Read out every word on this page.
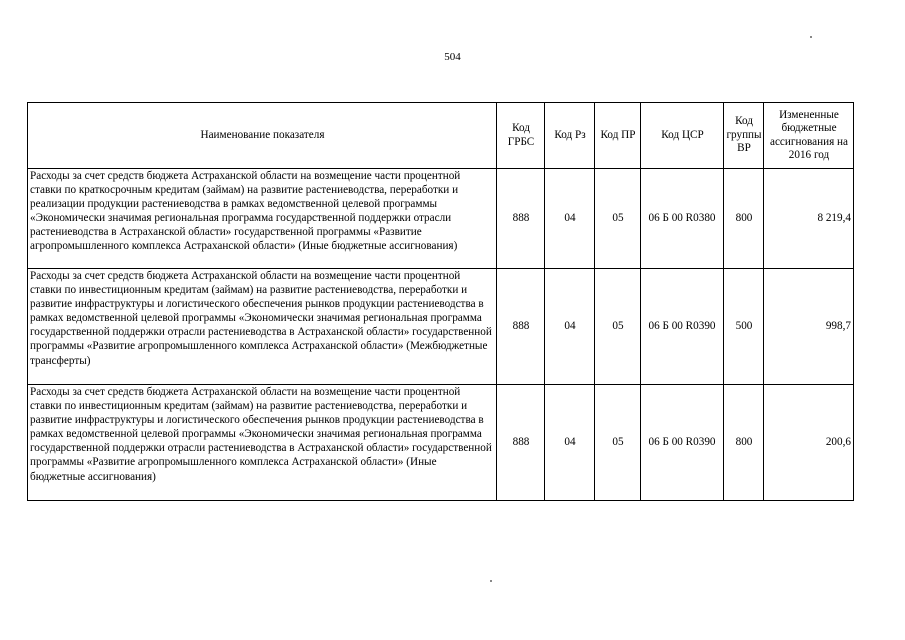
504
Наименование показателя	Код ГРБС	Код Рз	Код ПР	Код ЦСР	Код группы ВР	Измененные бюджетные ассигнования на 2016 год
Расходы за счет средств бюджета Астраханской области на возмещение части процентной ставки по краткосрочным кредитам (займам) на развитие растениеводства, переработки и реализации продукции растениеводства в рамках ведомственной целевой программы «Экономически значимая региональная программа государственной поддержки отрасли растениеводства в Астраханской области» государственной программы «Развитие агропромышленного комплекса Астраханской области» (Иные бюджетные ассигнования)	888	04	05	06 Б 00 R0380	800	8 219,4
Расходы за счет средств бюджета Астраханской области на возмещение части процентной ставки по инвестиционным кредитам (займам) на развитие растениеводства, переработки и развитие инфраструктуры и логистического обеспечения рынков продукции растениеводства в рамках ведомственной целевой программы «Экономически значимая региональная программа государственной поддержки отрасли растениеводства в Астраханской области» государственной программы «Развитие агропромышленного комплекса Астраханской области» (Межбюджетные трансферты)	888	04	05	06 Б 00 R0390	500	998,7
Расходы за счет средств бюджета Астраханской области на возмещение части процентной ставки по инвестиционным кредитам (займам) на развитие растениеводства, переработки и развитие инфраструктуры и логистического обеспечения рынков продукции растениеводства в рамках ведомственной целевой программы «Экономически значимая региональная программа государственной поддержки отрасли растениеводства в Астраханской области» государственной программы «Развитие агропромышленного комплекса Астраханской области» (Иные бюджетные ассигнования)	888	04	05	06 Б 00 R0390	800	200,6
